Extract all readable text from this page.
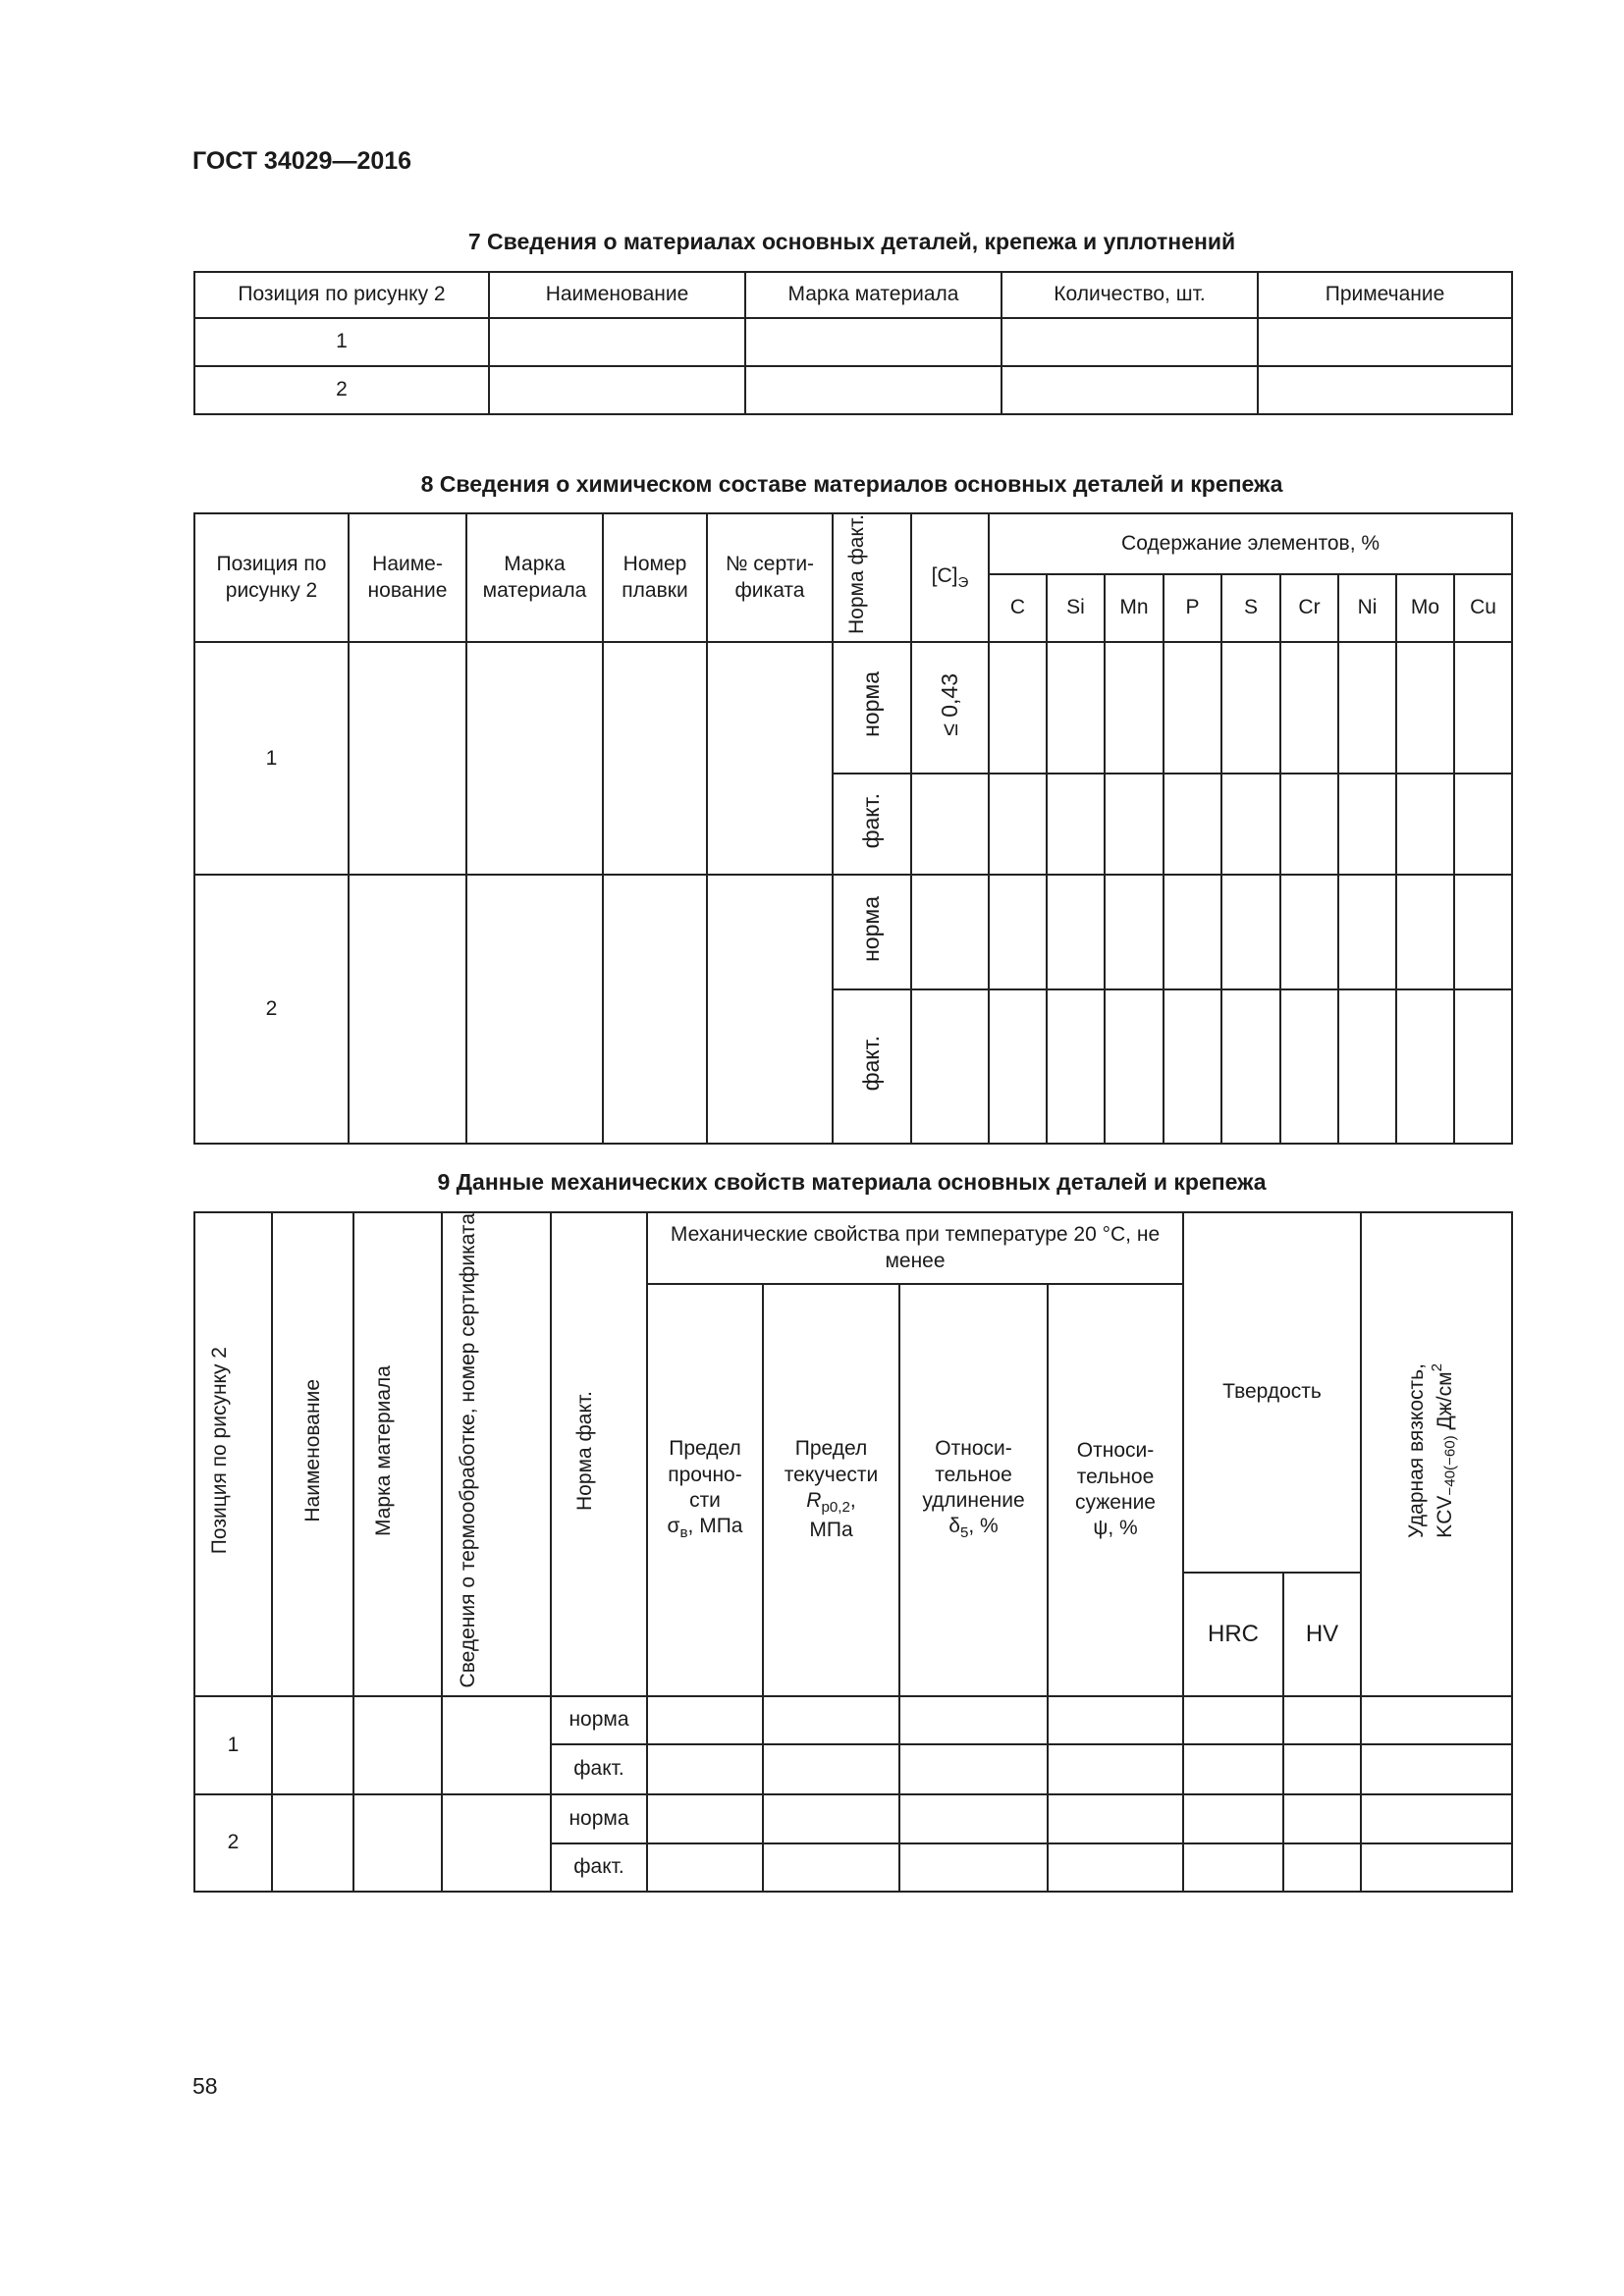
ГОСТ 34029—2016
7 Сведения о материалах основных деталей, крепежа и уплотнений
Позиция по рисунку 2	Наименование	Марка материала	Количество, шт.	Примечание
1				
2				
8 Сведения о химическом составе материалов основных деталей и крепежа
Позиция по рисунку 2	Наиме-нование	Марка материала	Номер плавки	№ серти-фиката	Норма факт.	$[C]_Э$	Содержание элементов, %								
							C	Si	Mn	P	S	Cr	Ni	Mo	Cu
1					норма	≤ 0,43									
					факт.										
2					норма										
					факт.										
9 Данные механических свойств материала основных деталей и крепежа
Позиция по рисунку 2	Наименование	Марка материала	Сведения о термообработке, номер сертификата	Норма факт.	Механические свойства при температуре 20 °С, не менее				Твердость		Ударная вязкость, $KCV_{-40(-60)}$ $Дж/см^2$
					Предел
прочно-
сти
$\sigma_в$, МПа	Предел
текучести
$R_{p0,2}$,
МПа	Относи-
тельное
удлинение
$\delta_5$, %	Относи-
тельное
сужение
ψ, %			
									HRC	HV	
1				норма							
				факт.							
2				норма							
				факт.							
58
